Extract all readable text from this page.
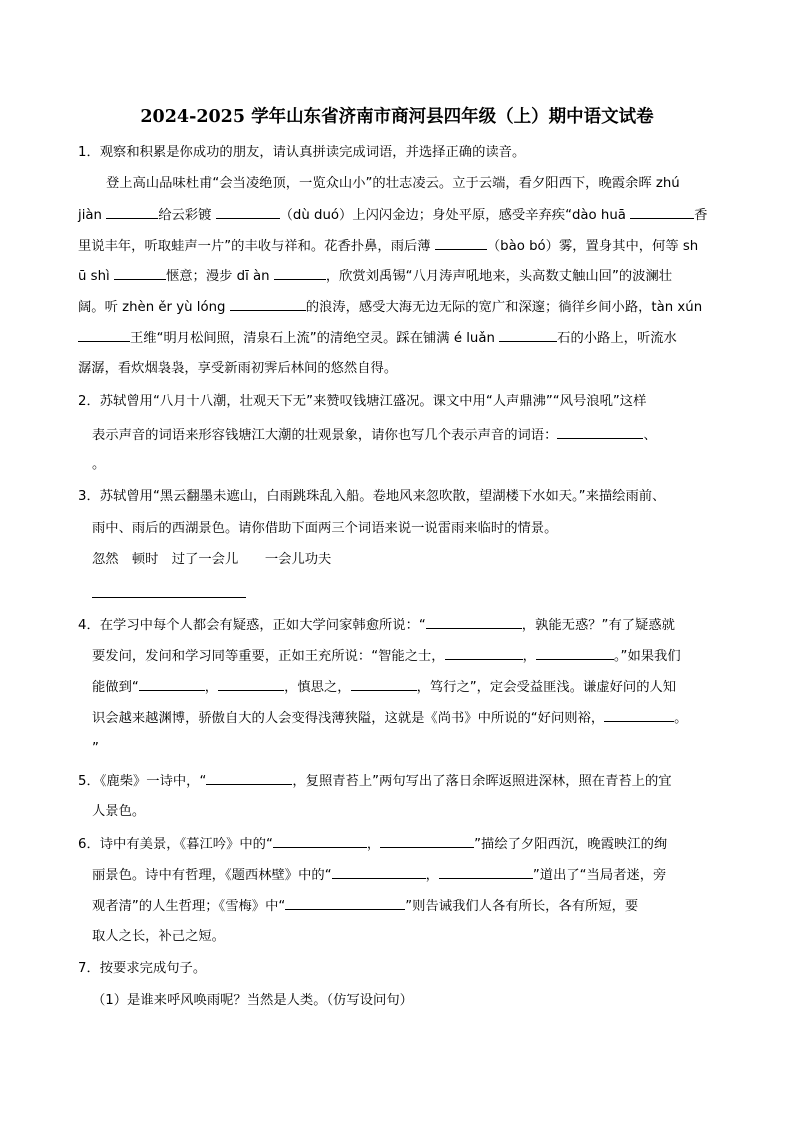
2024-2025 学年山东省济南市商河县四年级（上）期中语文试卷
1．观察和积累是你成功的朋友，请认真拼读完成词语，并选择正确的读音。
登上高山品味杜甫“会当凌绝顶，一览众山小”的壮志凌云。立于云端，看夕阳西下，晚霞余晖 zhú
jiàn	给云彩镀	（dù duó）上闪闪金边；身处平原，感受辛弃疾“dào huā	香
里说丰年，听取蛙声一片”的丰收与祥和。花香扑鼻，雨后薄	（bào bó）雾，置身其中，何等 sh
ū shì	惬意；漫步 dī àn	，欣赏刘禹锡“八月涛声吼地来，头高数丈触山回”的波澜壮
阔。听 zhèn ěr yù lóng	的浪涛，感受大海无边无际的宽广和深邃；徜徉乡间小路，tàn xún
王维“明月松间照，清泉石上流”的清绝空灵。踩在铺满 é luǎn	石的小路上，听流水
潺潺，看炊烟袅袅，享受新雨初霁后林间的悠然自得。
2．苏轼曾用“八月十八潮，壮观天下无”来赞叹钱塘江盛况。课文中用“人声鼎沸”“风号浪吼”这样
表示声音的词语来形容钱塘江大潮的壮观景象，请你也写几个表示声音的词语：	、
。
3．苏轼曾用“黑云翻墨未遮山，白雨跳珠乱入船。卷地风来忽吹散，望湖楼下水如天。”来描绘雨前、
雨中、雨后的西湖景色。请你借助下面两三个词语来说一说雷雨来临时的情景。
忽然　顿时　过了一会儿　　一会儿功夫
4．在学习中每个人都会有疑惑，正如大学问家韩愈所说：“	，孰能无惑？”有了疑惑就
要发问，发问和学习同等重要，正如王充所说：“智能之士，	，	。”如果我们
能做到“	，	，慎思之，	，笃行之”，定会受益匪浅。谦虚好问的人知
识会越来越渊博，骄傲自大的人会变得浅薄狭隘，这就是《尚书》中所说的“好问则裕，	。
”
5．《鹿柴》一诗中，“	，复照青苔上”两句写出了落日余晖返照进深林，照在青苔上的宜
人景色。
6．诗中有美景，《暮江吟》中的“	，	”描绘了夕阳西沉，晚霞映江的绚
丽景色。诗中有哲理，《题西林壁》中的“	，	”道出了“当局者迷，旁
观者清”的人生哲理；《雪梅》中“	”则告诫我们人各有所长，各有所短，要
取人之长，补己之短。
7．按要求完成句子。
（1）是谁来呼风唤雨呢？当然是人类。（仿写设问句）
